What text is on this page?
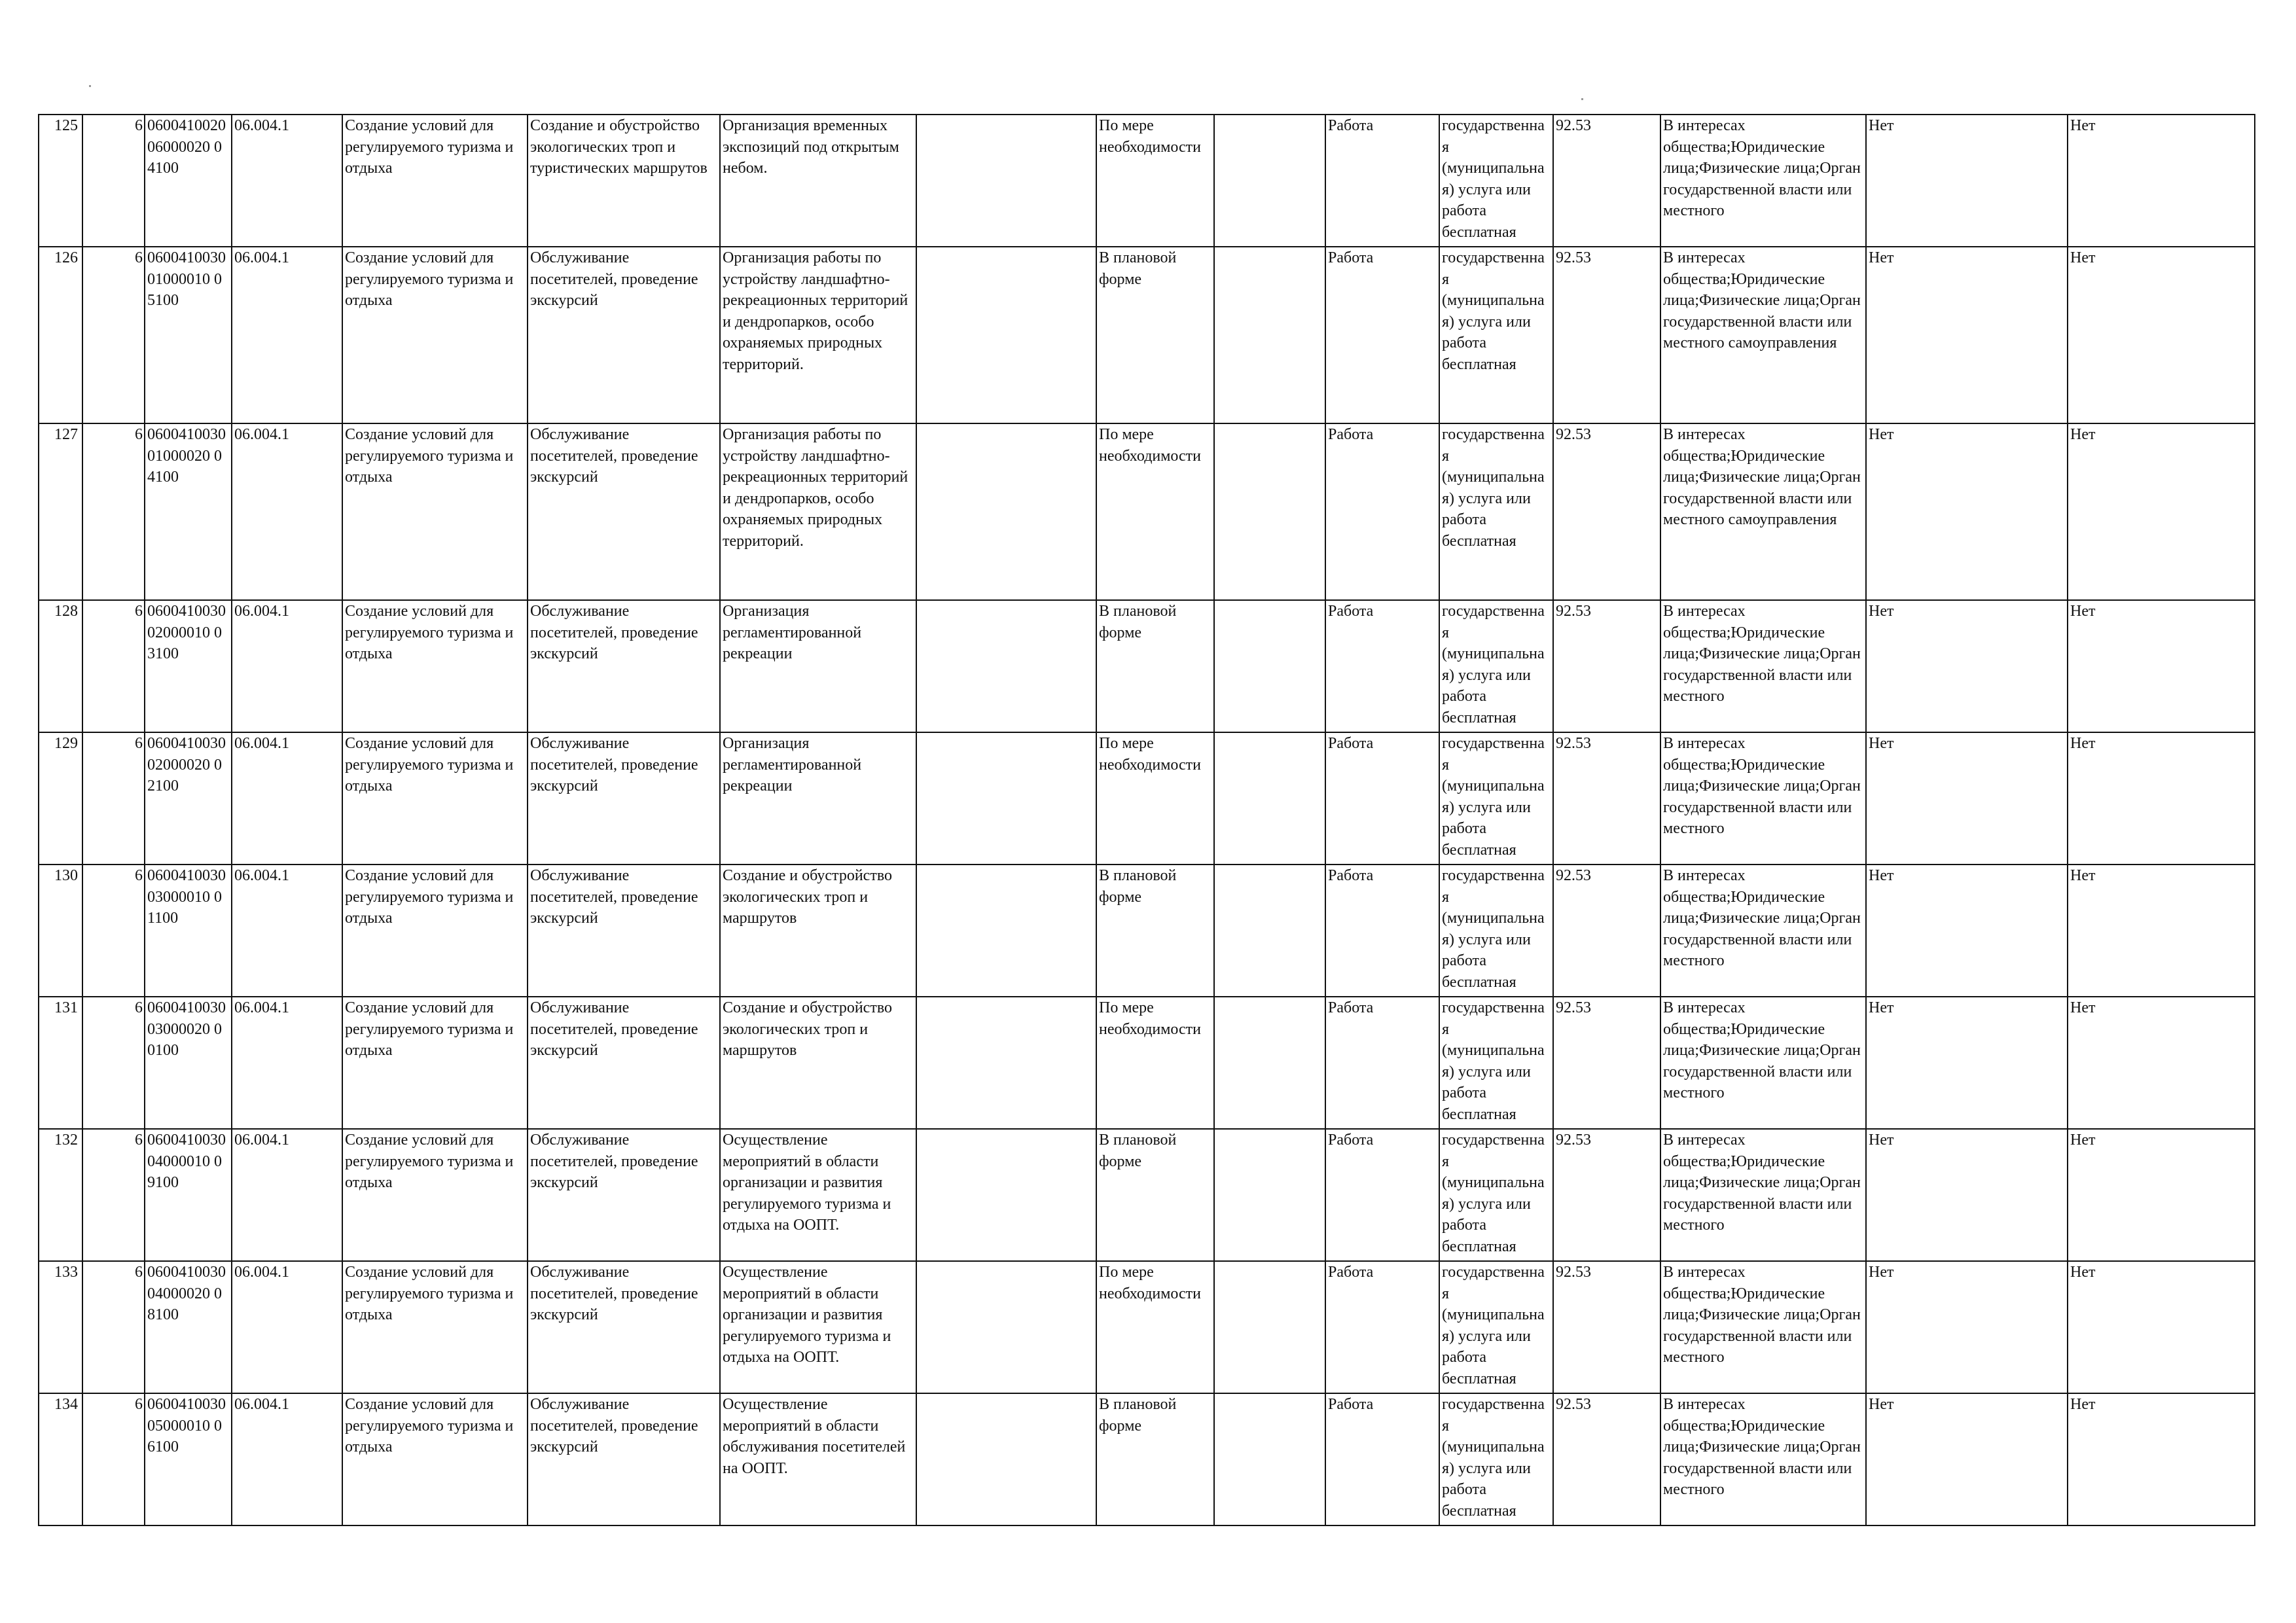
125	6	060041002006000020 04100	06.004.1	Создание условий для регулируемого туризма и отдыха	Создание и обустройство экологических троп и туристических маршрутов	Организация временных экспозиций под открытым небом.		По мере необходимости		Работа	государственная (муниципальная) услуга или работа бесплатная	92.53	В интересах общества;Юридические лица;Физические лица;Орган государственной власти или местного	Нет	Нет
126	6	060041003001000010 05100	06.004.1	Создание условий для регулируемого туризма и отдыха	Обслуживание посетителей, проведение экскурсий	Организация работы по устройству ландшафтно-рекреационных территорий и дендропарков, особо охраняемых природных территорий.		В плановой форме		Работа	государственная (муниципальная) услуга или работа бесплатная	92.53	В интересах общества;Юридические лица;Физические лица;Орган государственной власти или местного самоуправления	Нет	Нет
127	6	060041003001000020 04100	06.004.1	Создание условий для регулируемого туризма и отдыха	Обслуживание посетителей, проведение экскурсий	Организация работы по устройству ландшафтно-рекреационных территорий и дендропарков, особо охраняемых природных территорий.		По мере необходимости		Работа	государственная (муниципальная) услуга или работа бесплатная	92.53	В интересах общества;Юридические лица;Физические лица;Орган государственной власти или местного самоуправления	Нет	Нет
128	6	060041003002000010 03100	06.004.1	Создание условий для регулируемого туризма и отдыха	Обслуживание посетителей, проведение экскурсий	Организация регламентированной рекреации		В плановой форме		Работа	государственная (муниципальная) услуга или работа бесплатная	92.53	В интересах общества;Юридические лица;Физические лица;Орган государственной власти или местного	Нет	Нет
129	6	060041003002000020 02100	06.004.1	Создание условий для регулируемого туризма и отдыха	Обслуживание посетителей, проведение экскурсий	Организация регламентированной рекреации		По мере необходимости		Работа	государственная (муниципальная) услуга или работа бесплатная	92.53	В интересах общества;Юридические лица;Физические лица;Орган государственной власти или местного	Нет	Нет
130	6	060041003003000010 01100	06.004.1	Создание условий для регулируемого туризма и отдыха	Обслуживание посетителей, проведение экскурсий	Создание и обустройство экологических троп и маршрутов		В плановой форме		Работа	государственная (муниципальная) услуга или работа бесплатная	92.53	В интересах общества;Юридические лица;Физические лица;Орган государственной власти или местного	Нет	Нет
131	6	060041003003000020 00100	06.004.1	Создание условий для регулируемого туризма и отдыха	Обслуживание посетителей, проведение экскурсий	Создание и обустройство экологических троп и маршрутов		По мере необходимости		Работа	государственная (муниципальная) услуга или работа бесплатная	92.53	В интересах общества;Юридические лица;Физические лица;Орган государственной власти или местного	Нет	Нет
132	6	060041003004000010 09100	06.004.1	Создание условий для регулируемого туризма и отдыха	Обслуживание посетителей, проведение экскурсий	Осуществление мероприятий в области организации и развития регулируемого туризма и отдыха на ООПТ.		В плановой форме		Работа	государственная (муниципальная) услуга или работа бесплатная	92.53	В интересах общества;Юридические лица;Физические лица;Орган государственной власти или местного	Нет	Нет
133	6	060041003004000020 08100	06.004.1	Создание условий для регулируемого туризма и отдыха	Обслуживание посетителей, проведение экскурсий	Осуществление мероприятий в области организации и развития регулируемого туризма и отдыха на ООПТ.		По мере необходимости		Работа	государственная (муниципальная) услуга или работа бесплатная	92.53	В интересах общества;Юридические лица;Физические лица;Орган государственной власти или местного	Нет	Нет
134	6	060041003005000010 06100	06.004.1	Создание условий для регулируемого туризма и отдыха	Обслуживание посетителей, проведение экскурсий	Осуществление мероприятий в области обслуживания посетителей на ООПТ.		В плановой форме		Работа	государственная (муниципальная) услуга или работа бесплатная	92.53	В интересах общества;Юридические лица;Физические лица;Орган государственной власти или местного	Нет	Нет
